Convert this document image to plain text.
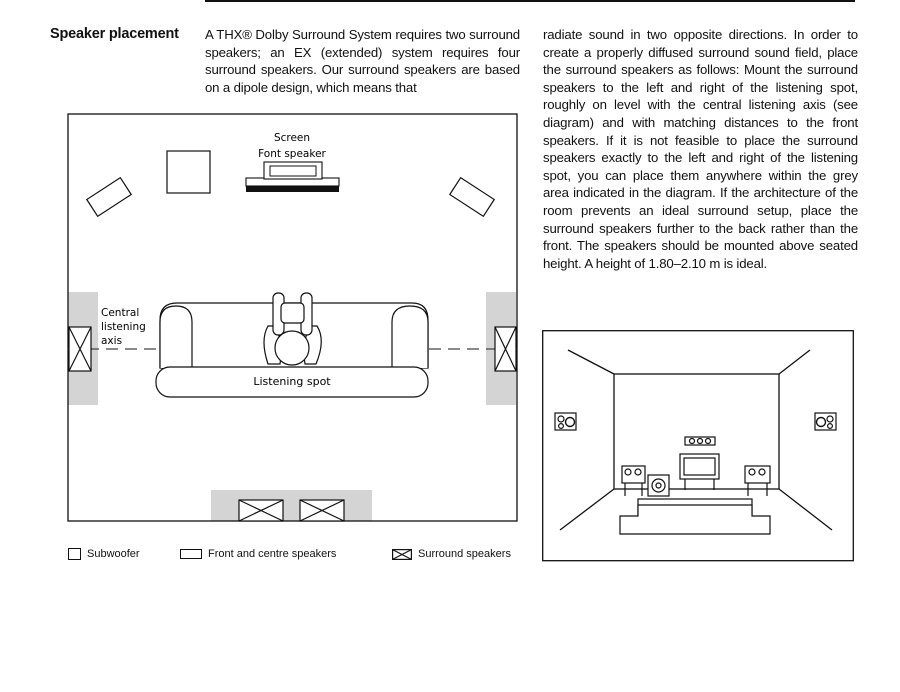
Speaker placement A THX® Dolby Surround System requires two surround speakers; an EX (extended) system requires four surround speakers. Our surround speakers are based on a dipole design, which means that
radiate sound in two opposite directions. In order to create a properly diffused surround sound field, place the surround speakers as follows: Mount the surround speakers to the left and right of the listening spot, roughly on level with the central listening axis (see diagram) and with matching distances to the front speakers. If it is not feasible to place the surround speakers exactly to the left and right of the listening spot, you can place them anywhere within the grey area indicated in the diagram. If the architecture of the room prevents an ideal surround setup, place the surround speakers further to the back rather than the front. The speakers should be mounted above seated height. A height of 1.80–2.10 m is ideal.
Screen
Font speaker
Central
listening
axis
Listening spot
Subwoofer	Front and centre speakers	Surround speakers
